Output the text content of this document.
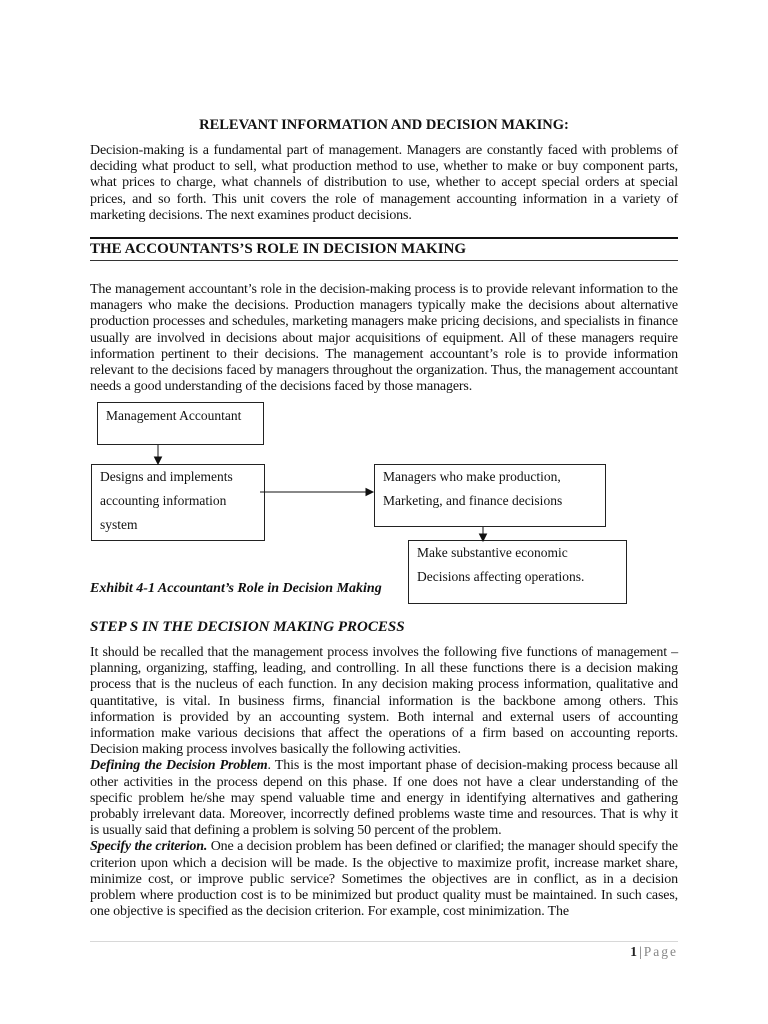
RELEVANT INFORMATION AND DECISION MAKING:

Decision-making is a fundamental part of management. Managers are constantly faced with problems of deciding what product to sell, what production method to use, whether to make or buy component parts, what prices to charge, what channels of distribution to use, whether to accept special orders at special prices, and so forth. This unit covers the role of management accounting information in a variety of marketing decisions. The next examines product decisions.

THE ACCOUNTANTS’S ROLE IN DECISION MAKING

The management accountant’s role in the decision-making process is to provide relevant information to the managers who make the decisions. Production managers typically make the decisions about alternative production processes and schedules, marketing managers make pricing decisions, and specialists in finance usually are involved in decisions about major acquisitions of equipment. All of these managers require information pertinent to their decisions. The management accountant’s role is to provide information relevant to the decisions faced by managers throughout the organization. Thus, the management accountant needs a good understanding of the decisions faced by those managers.

Management Accountant
Designs and implements
accounting information
system
Managers who make production,
Marketing, and finance decisions
Exhibit 4-1 Accountant’s Role in Decision Making
Make substantive economic
Decisions affecting operations.
STEP S IN THE DECISION MAKING PROCESS

It should be recalled that the management process involves the following five functions of management – planning, organizing, staffing, leading, and controlling. In all these functions there is a decision making process that is the nucleus of each function. In any decision making process information, qualitative and quantitative, is vital. In business firms, financial information is the backbone among others. This information is provided by an accounting system. Both internal and external users of accounting information make various decisions that affect the operations of a firm based on accounting reports. Decision making process involves basically the following activities.

Defining the Decision Problem. This is the most important phase of decision-making process because all other activities in the process depend on this phase. If one does not have a clear understanding of the specific problem he/she may spend valuable time and energy in identifying alternatives and gathering probably irrelevant data. Moreover, incorrectly defined problems waste time and resources. That is why it is usually said that defining a problem is solving 50 percent of the problem.

Specify the criterion. One a decision problem has been defined or clarified; the manager should specify the criterion upon which a decision will be made. Is the objective to maximize profit, increase market share, minimize cost, or improve public service? Sometimes the objectives are in conflict, as in a decision problem where production cost is to be minimized but product quality must be maintained. In such cases, one objective is specified as the decision criterion. For example, cost minimization. The

1 | Page
